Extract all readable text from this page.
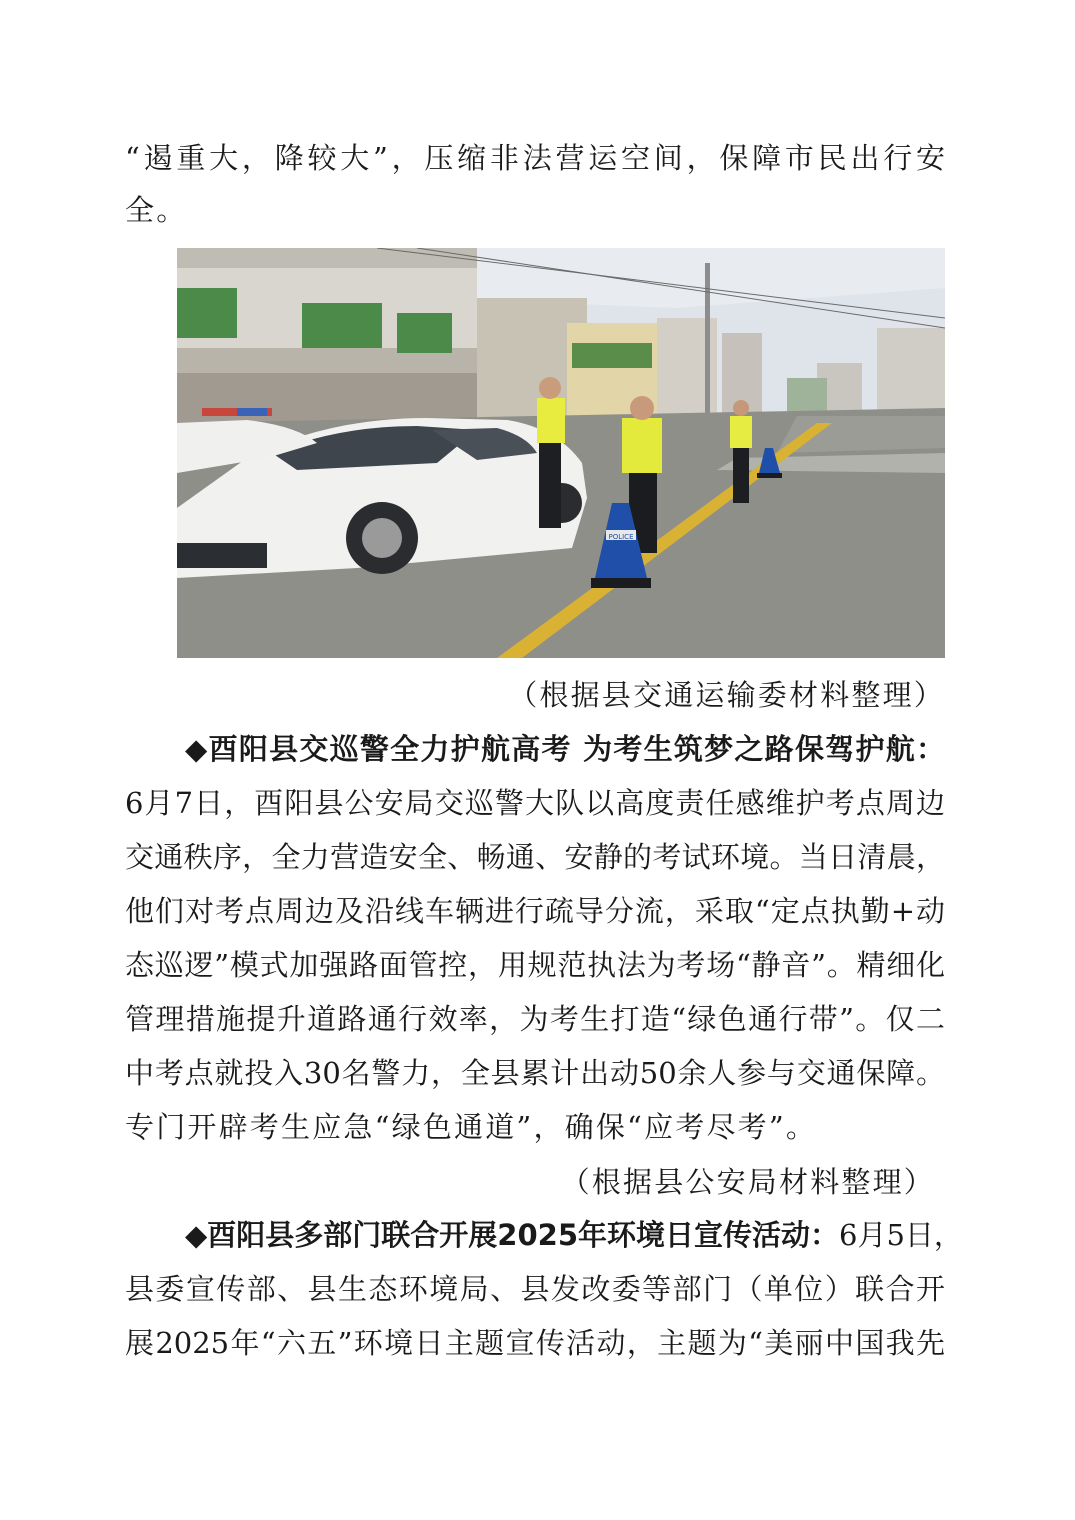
“遏重大，降较大”，压缩非法营运空间，保障市民出行安
全。
POLICE
（根据县交通运输委材料整理）
◆酉阳县交巡警全力护航高考 为考生筑梦之路保驾护航：
6月7日，酉阳县公安局交巡警大队以高度责任感维护考点周边
交通秩序，全力营造安全、畅通、安静的考试环境。当日清晨，
他们对考点周边及沿线车辆进行疏导分流，采取“定点执勤+动
态巡逻”模式加强路面管控，用规范执法为考场“静音”。精细化
管理措施提升道路通行效率，为考生打造“绿色通行带”。仅二
中考点就投入30名警力，全县累计出动50余人参与交通保障。
专门开辟考生应急“绿色通道”，确保“应考尽考”。
（根据县公安局材料整理）
◆酉阳县多部门联合开展2025年环境日宣传活动：6月5日，
县委宣传部、县生态环境局、县发改委等部门（单位）联合开
展2025年“六五”环境日主题宣传活动，主题为“美丽中国我先
